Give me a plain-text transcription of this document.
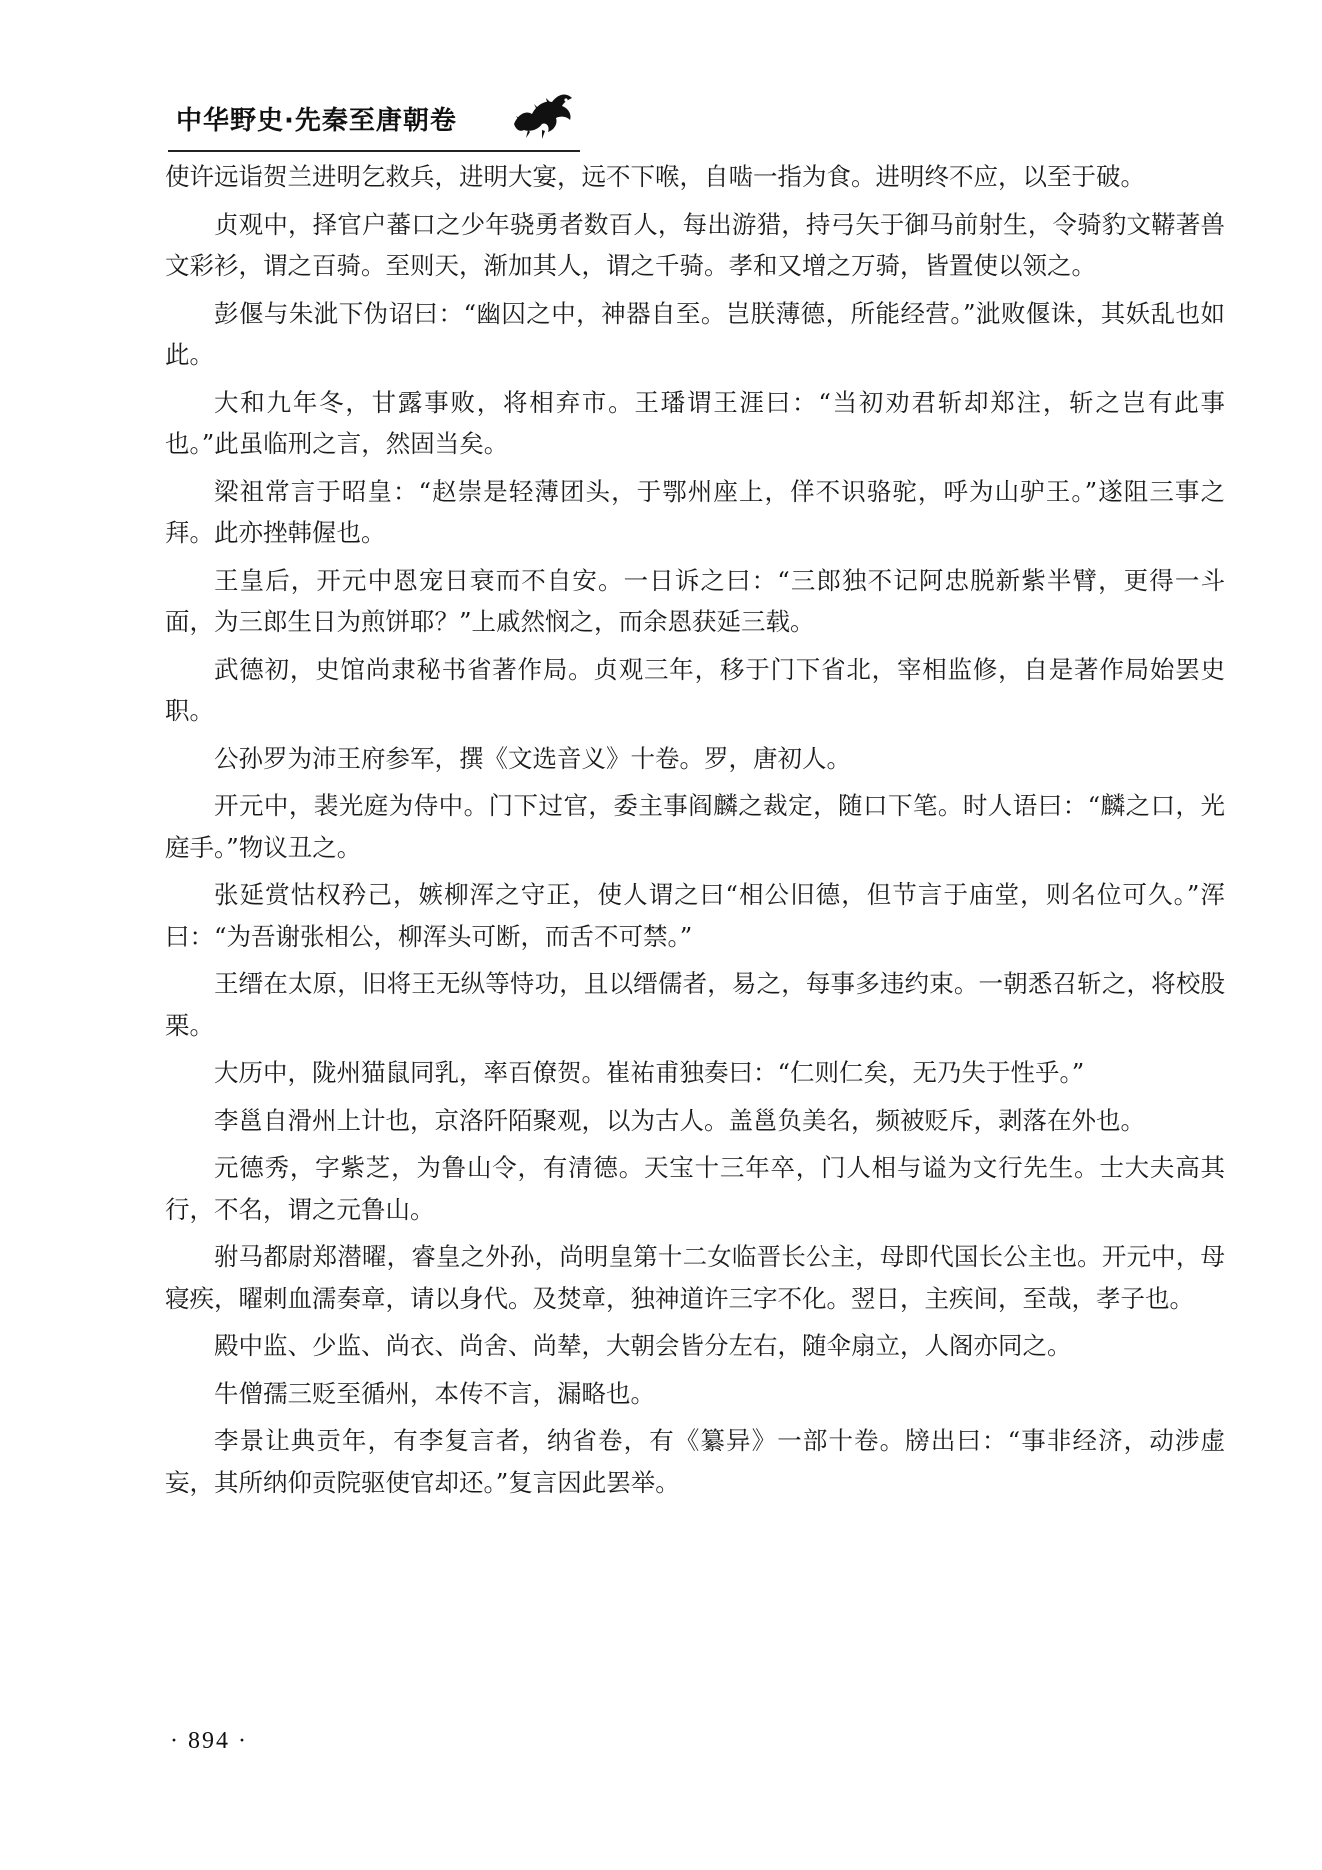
中华野史·先秦至唐朝卷

使许远诣贺兰进明乞救兵，进明大宴，远不下喉，自啮一指为食。进明终不应，以至于破。

贞观中，择官户蕃口之少年骁勇者数百人，每出游猎，持弓矢于御马前射生，令骑豹文鞯著兽文彩衫，谓之百骑。至则天，渐加其人，谓之千骑。孝和又增之万骑，皆置使以领之。

彭偃与朱泚下伪诏曰：“幽囚之中，神器自至。岂朕薄德，所能经营。”泚败偃诛，其妖乱也如此。

大和九年冬，甘露事败，将相弃市。王璠谓王涯曰：“当初劝君斩却郑注，斩之岂有此事也。”此虽临刑之言，然固当矣。

梁祖常言于昭皇：“赵崇是轻薄团头，于鄂州座上，佯不识骆驼，呼为山驴王。”遂阻三事之拜。此亦挫韩偓也。

王皇后，开元中恩宠日衰而不自安。一日诉之曰：“三郎独不记阿忠脱新紫半臂，更得一斗面，为三郎生日为煎饼耶？”上戚然悯之，而余恩获延三载。

武德初，史馆尚隶秘书省著作局。贞观三年，移于门下省北，宰相监修，自是著作局始罢史职。

公孙罗为沛王府参军，撰《文选音义》十卷。罗，唐初人。

开元中，裴光庭为侍中。门下过官，委主事阎麟之裁定，随口下笔。时人语曰：“麟之口，光庭手。”物议丑之。

张延赏怙权矜己，嫉柳浑之守正，使人谓之曰“相公旧德，但节言于庙堂，则名位可久。”浑曰：“为吾谢张相公，柳浑头可断，而舌不可禁。”

王缙在太原，旧将王无纵等恃功，且以缙儒者，易之，每事多违约束。一朝悉召斩之，将校股栗。

大历中，陇州猫鼠同乳，率百僚贺。崔祐甫独奏曰：“仁则仁矣，无乃失于性乎。”

李邕自滑州上计也，京洛阡陌聚观，以为古人。盖邕负美名，频被贬斥，剥落在外也。

元德秀，字紫芝，为鲁山令，有清德。天宝十三年卒，门人相与谥为文行先生。士大夫高其行，不名，谓之元鲁山。

驸马都尉郑潜曜，睿皇之外孙，尚明皇第十二女临晋长公主，母即代国长公主也。开元中，母寝疾，曜刺血濡奏章，请以身代。及焚章，独神道许三字不化。翌日，主疾间，至哉，孝子也。

殿中监、少监、尚衣、尚舍、尚辇，大朝会皆分左右，随伞扇立，人阁亦同之。

牛僧孺三贬至循州，本传不言，漏略也。

李景让典贡年，有李复言者，纳省卷，有《纂异》一部十卷。牓出曰：“事非经济，动涉虚妄，其所纳仰贡院驱使官却还。”复言因此罢举。

· 894 ·
